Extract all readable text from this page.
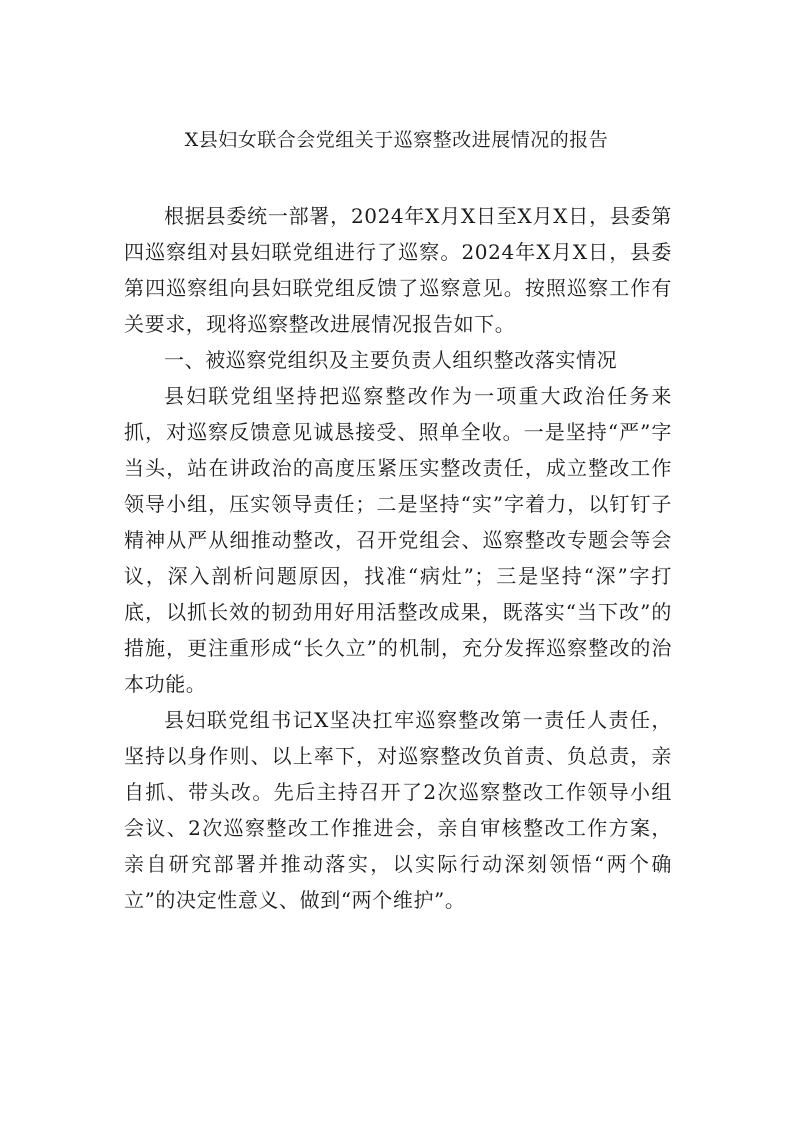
X县妇女联合会党组关于巡察整改进展情况的报告

根据县委统一部署，2024年X月X日至X月X日，县委第四巡察组对县妇联党组进行了巡察。2024年X月X日，县委第四巡察组向县妇联党组反馈了巡察意见。按照巡察工作有关要求，现将巡察整改进展情况报告如下。

一、被巡察党组织及主要负责人组织整改落实情况

县妇联党组坚持把巡察整改作为一项重大政治任务来抓，对巡察反馈意见诚恳接受、照单全收。一是坚持“严”字当头，站在讲政治的高度压紧压实整改责任，成立整改工作领导小组，压实领导责任；二是坚持“实”字着力，以钉钉子精神从严从细推动整改，召开党组会、巡察整改专题会等会议，深入剖析问题原因，找准“病灶”；三是坚持“深”字打底，以抓长效的韧劲用好用活整改成果，既落实“当下改”的措施，更注重形成“长久立”的机制，充分发挥巡察整改的治本功能。

县妇联党组书记X坚决扛牢巡察整改第一责任人责任，坚持以身作则、以上率下，对巡察整改负首责、负总责，亲自抓、带头改。先后主持召开了2次巡察整改工作领导小组会议、2次巡察整改工作推进会，亲自审核整改工作方案，亲自研究部署并推动落实，以实际行动深刻领悟“两个确立”的决定性意义、做到“两个维护”。
